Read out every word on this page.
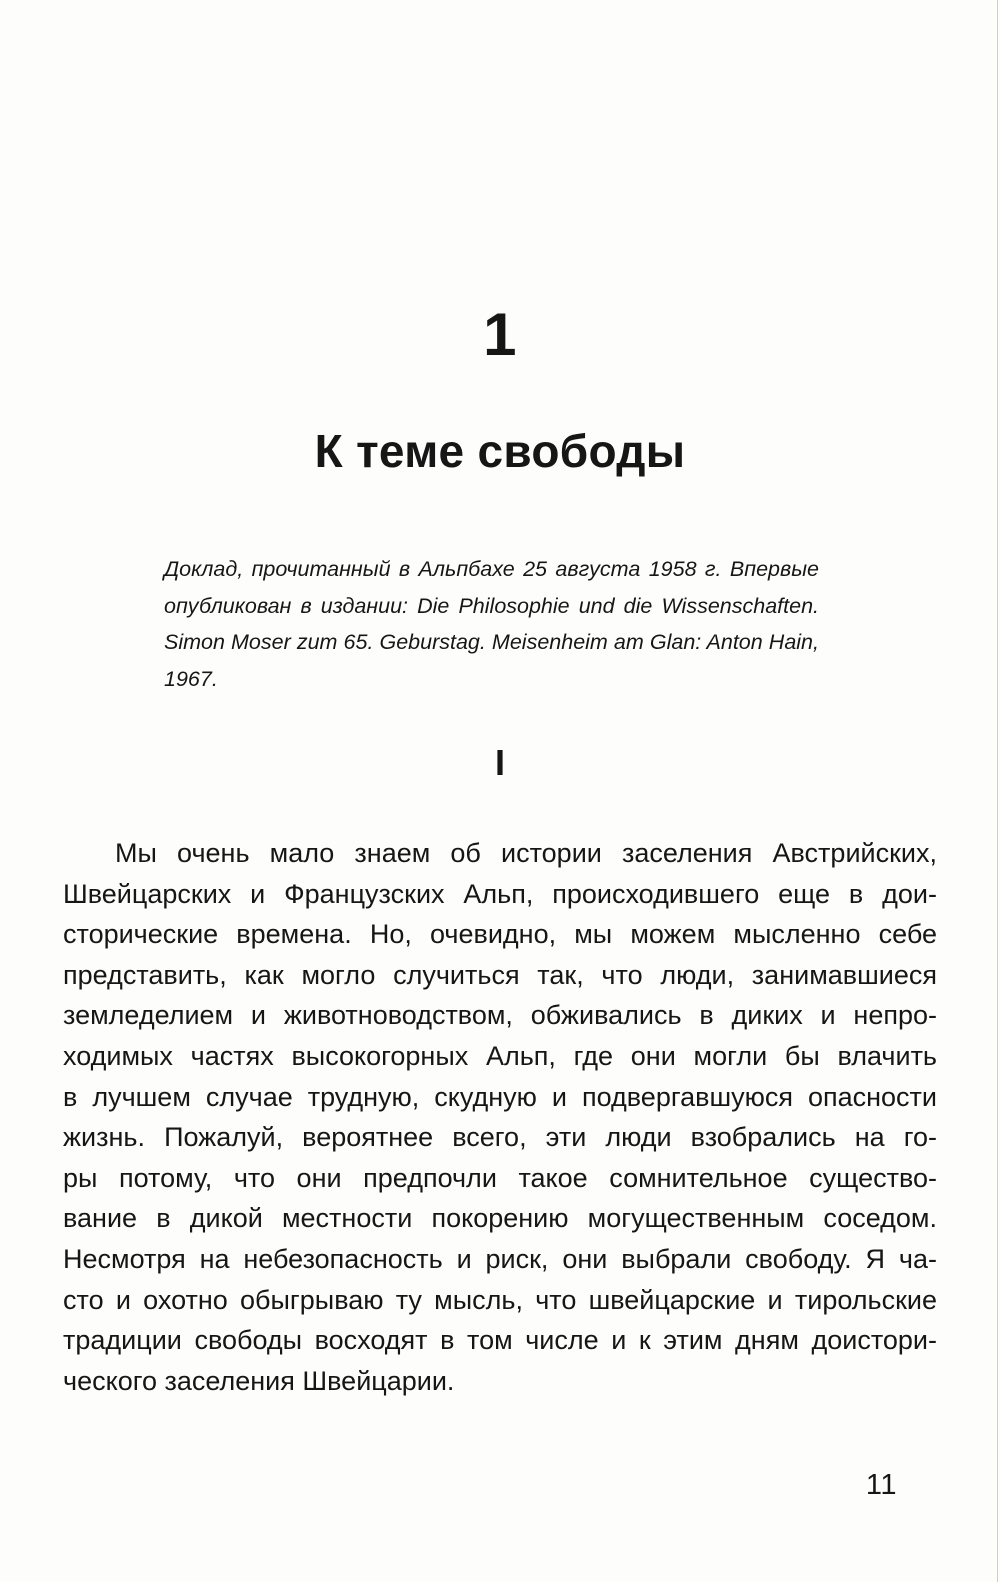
1
К теме свободы
Доклад, прочитанный в Альпбахе 25 августа 1958 г. Впервые
опубликован в издании: Die Philosophie und die Wissenschaften.
Simon Moser zum 65. Geburstag. Meisenheim am Glan: Anton Hain, 1967.
I
Мы очень мало знаем об истории заселения Австрийских,
Швейцарских и Французских Альп, происходившего еще в дои-
сторические времена. Но, очевидно, мы можем мысленно себе
представить, как могло случиться так, что люди, занимавшиеся
земледелием и животноводством, обживались в диких и непро-
ходимых частях высокогорных Альп, где они могли бы влачить
в лучшем случае трудную, скудную и подвергавшуюся опасности
жизнь. Пожалуй, вероятнее всего, эти люди взобрались на го-
ры потому, что они предпочли такое сомнительное существо-
вание в дикой местности покорению могущественным соседом.
Несмотря на небезопасность и риск, они выбрали свободу. Я ча-
сто и охотно обыгрываю ту мысль, что швейцарские и тирольские
традиции свободы восходят в том числе и к этим дням доистори-
ческого заселения Швейцарии.
11
